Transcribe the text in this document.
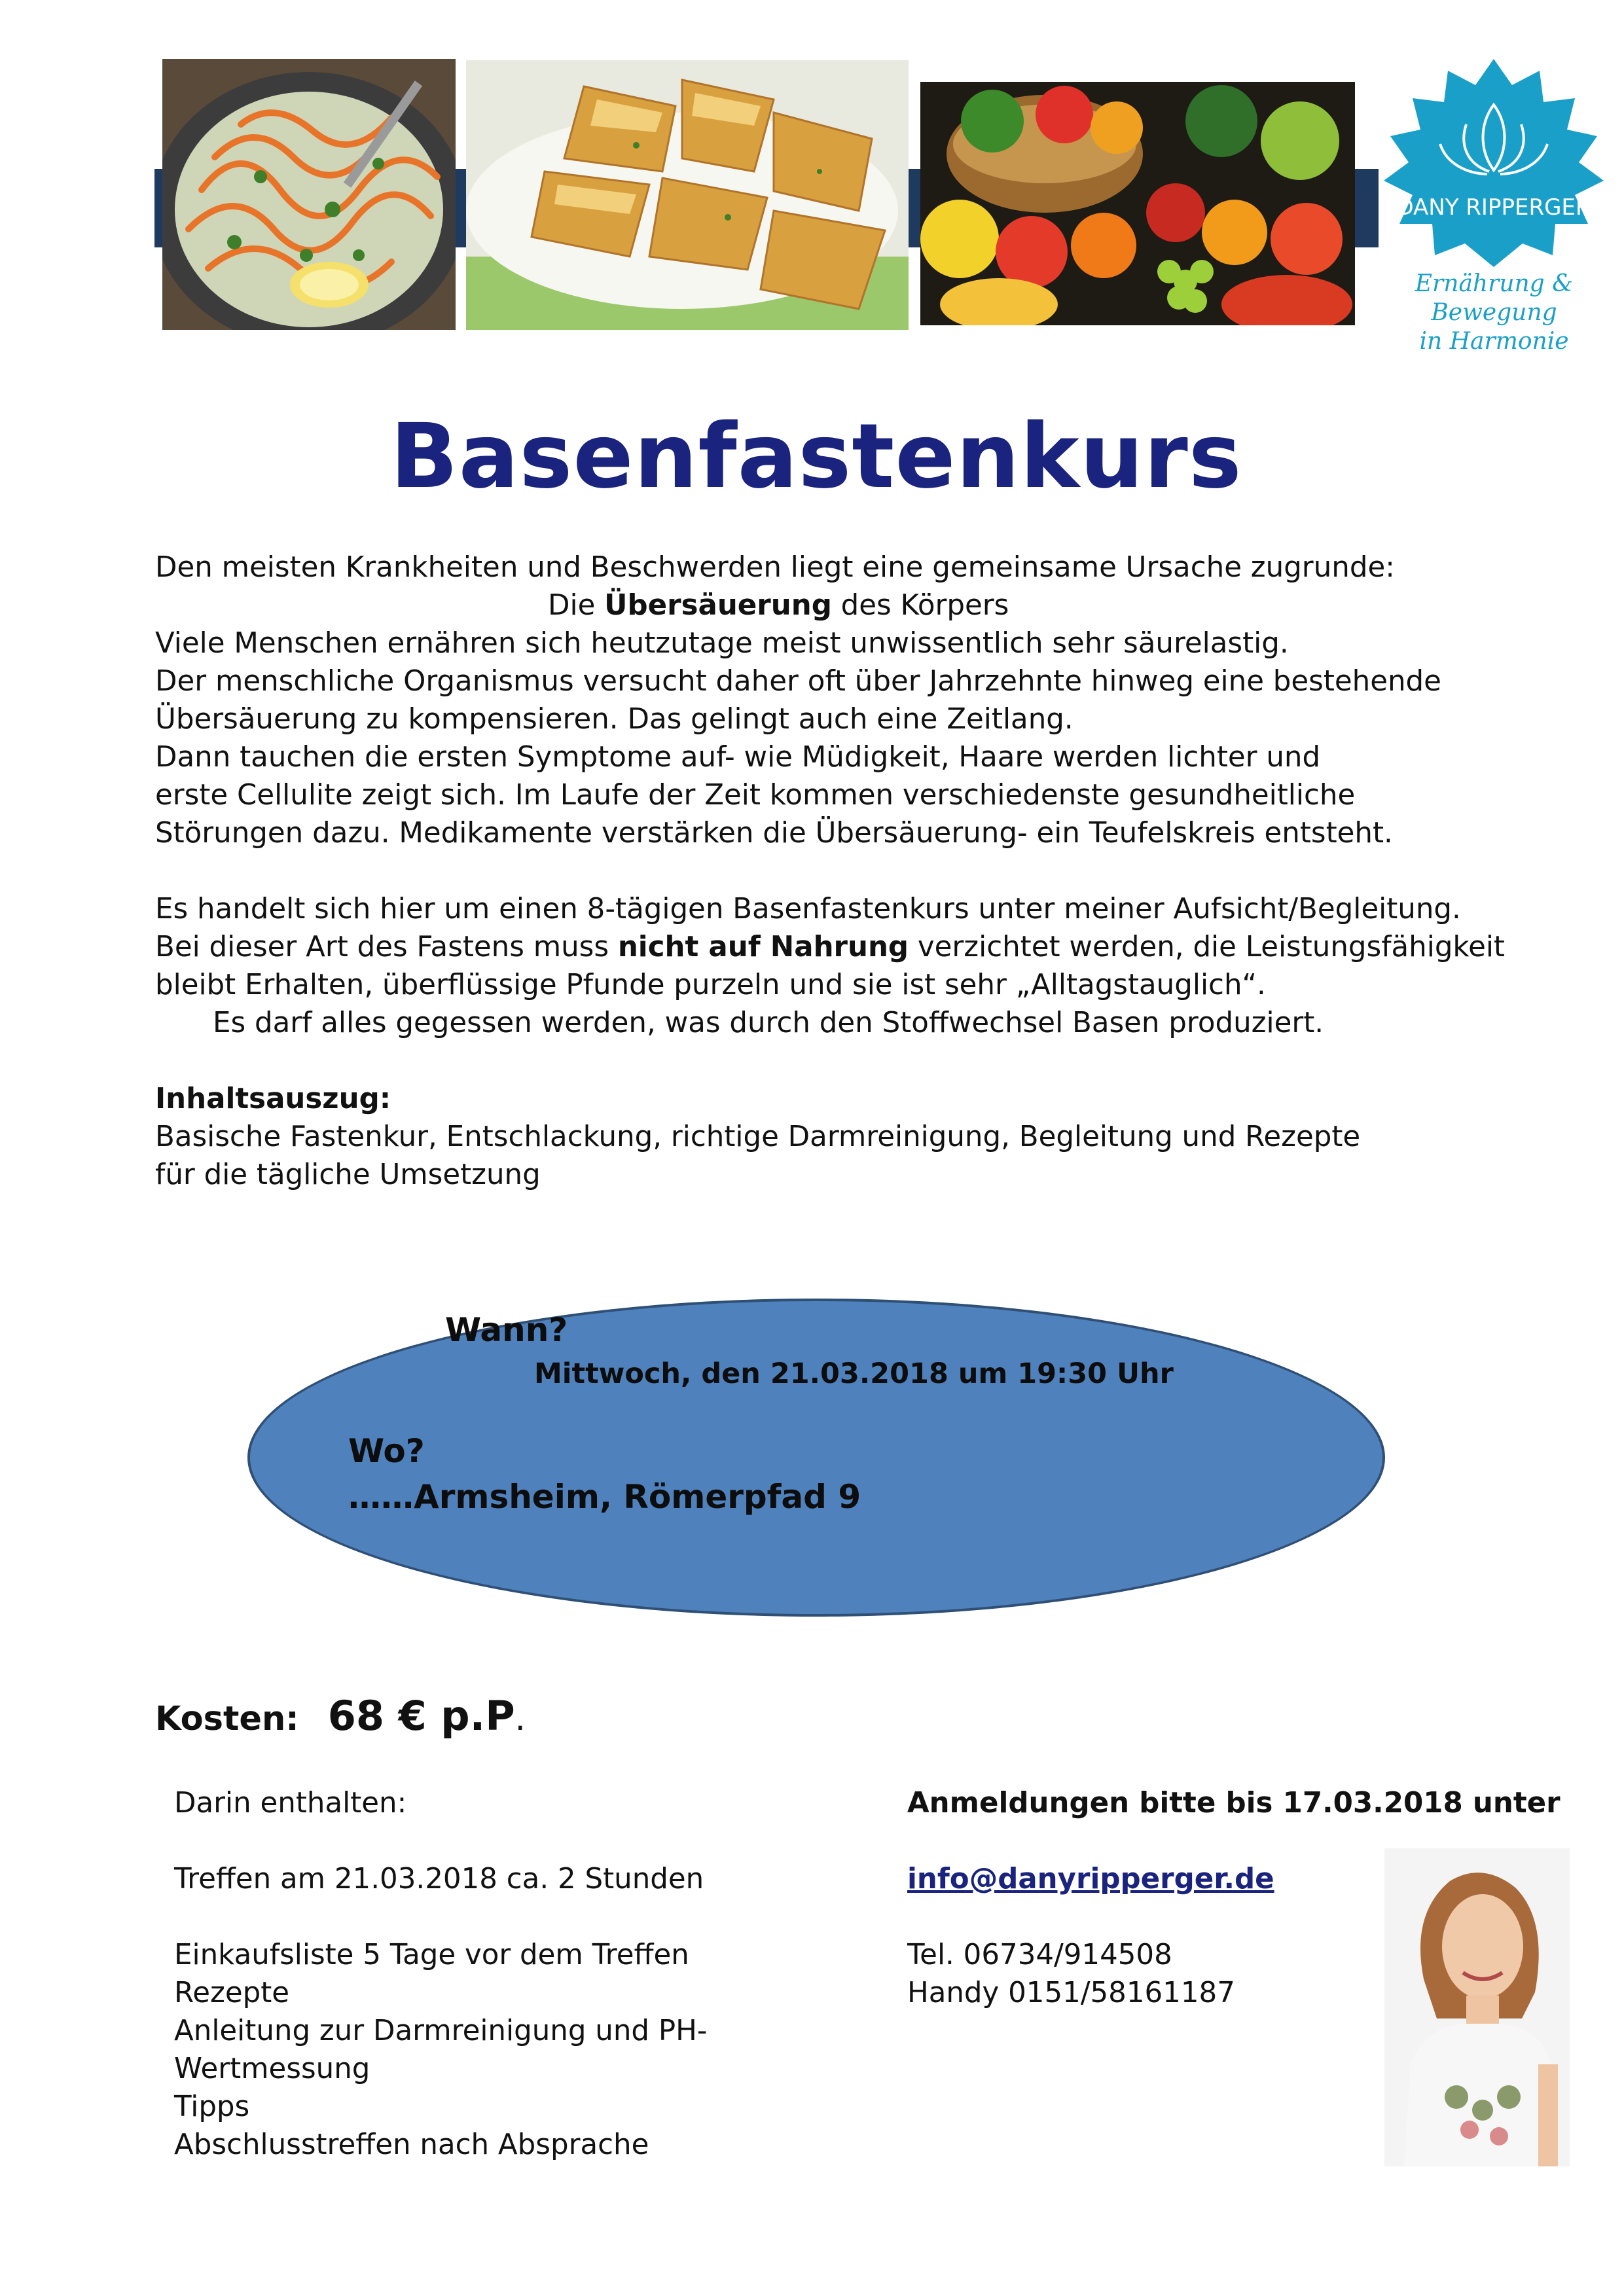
DANY RIPPERGER
Ernährung & Bewegung
in Harmonie
Basenfastenkurs

Den meisten Krankheiten und Beschwerden liegt eine gemeinsame Ursache zugrunde:

Die Übersäuerung des Körpers

Viele Menschen ernähren sich heutzutage meist unwissentlich sehr säurelastig.

Der menschliche Organismus versucht daher oft über Jahrzehnte hinweg eine bestehende

Übersäuerung zu kompensieren. Das gelingt auch eine Zeitlang.

Dann tauchen die ersten Symptome auf- wie Müdigkeit, Haare werden lichter und

erste Cellulite zeigt sich. Im Laufe der Zeit kommen verschiedenste gesundheitliche

Störungen dazu. Medikamente verstärken die Übersäuerung- ein Teufelskreis entsteht.

Es handelt sich hier um einen 8-tägigen Basenfastenkurs unter meiner Aufsicht/Begleitung.

Bei dieser Art des Fastens muss nicht auf Nahrung verzichtet werden, die Leistungsfähigkeit

bleibt Erhalten, überflüssige Pfunde purzeln und sie ist sehr „Alltagstauglich“.

Es darf alles gegessen werden, was durch den Stoffwechsel Basen produziert.

Inhaltsauszug:

Basische Fastenkur, Entschlackung, richtige Darmreinigung, Begleitung und Rezepte

für die tägliche Umsetzung

Wann?
Mittwoch, den 21.03.2018 um 19:30 Uhr
Wo?
……Armsheim, Römerpfad 9
Kosten: 68 € p.P.

Darin enthalten:

Treffen am 21.03.2018 ca. 2 Stunden

Einkaufsliste 5 Tage vor dem Treffen

Rezepte

Anleitung zur Darmreinigung und PH-

Wertmessung

Tipps

Abschlusstreffen nach Absprache

Anmeldungen bitte bis 17.03.2018 unter

info@danyripperger.de

Tel. 06734/914508

Handy 0151/58161187
